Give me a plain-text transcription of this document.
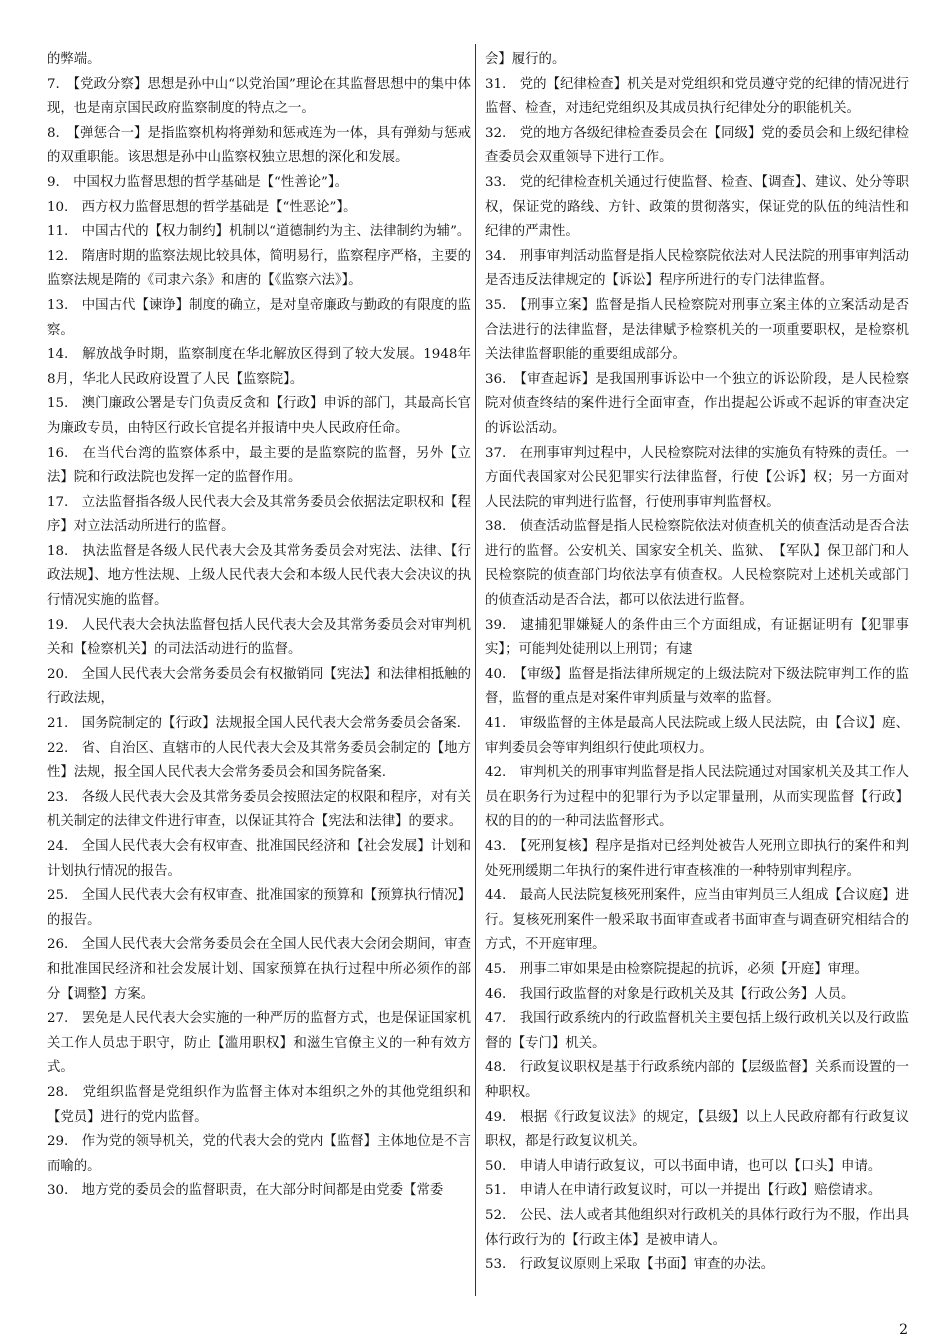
的弊端。

7.　【党政分察】思想是孙中山“以党治国”理论在其监督思想中的集中体现，也是南京国民政府监察制度的特点之一。

8.　【弹惩合一】是指监察机构将弹劾和惩戒连为一体，具有弹劾与惩戒的双重职能。该思想是孙中山监察权独立思想的深化和发展。

9.　中国权力监督思想的哲学基础是【“性善论”】。

10.　西方权力监督思想的哲学基础是【“性恶论”】。

11.　中国古代的【权力制约】机制以“道德制约为主、法律制约为辅”。

12.　隋唐时期的监察法规比较具体，简明易行，监察程序严格，主要的监察法规是隋的《司隶六条》和唐的【《监察六法》】。

13.　中国古代【谏诤】制度的确立，是对皇帝廉政与勤政的有限度的监察。

14.　解放战争时期，监察制度在华北解放区得到了较大发展。1948年8月，华北人民政府设置了人民【监察院】。

15.　澳门廉政公署是专门负责反贪和【行政】申诉的部门，其最高长官为廉政专员，由特区行政长官提名并报请中央人民政府任命。

16.　在当代台湾的监察体系中，最主要的是监察院的监督，另外【立法】院和行政法院也发挥一定的监督作用。

17.　立法监督指各级人民代表大会及其常务委员会依据法定职权和【程序】对立法活动所进行的监督。

18.　执法监督是各级人民代表大会及其常务委员会对宪法、法律、【行政法规】、地方性法规、上级人民代表大会和本级人民代表大会决议的执行情况实施的监督。

19.　人民代表大会执法监督包括人民代表大会及其常务委员会对审判机关和【检察机关】的司法活动进行的监督。

20.　全国人民代表大会常务委员会有权撤销同【宪法】和法律相抵触的行政法规，

21.　国务院制定的【行政】法规报全国人民代表大会常务委员会备案.

22.　省、自治区、直辖市的人民代表大会及其常务委员会制定的【地方性】法规，报全国人民代表大会常务委员会和国务院备案.

23.　各级人民代表大会及其常务委员会按照法定的权限和程序，对有关机关制定的法律文件进行审查，以保证其符合【宪法和法律】的要求。

24.　全国人民代表大会有权审查、批准国民经济和【社会发展】计划和计划执行情况的报告。

25.　全国人民代表大会有权审查、批准国家的预算和【预算执行情况】的报告。

26.　全国人民代表大会常务委员会在全国人民代表大会闭会期间，审查和批准国民经济和社会发展计划、国家预算在执行过程中所必须作的部分【调整】方案。

27.　罢免是人民代表大会实施的一种严厉的监督方式，也是保证国家机关工作人员忠于职守，防止【滥用职权】和滋生官僚主义的一种有效方式。

28.　党组织监督是党组织作为监督主体对本组织之外的其他党组织和【党员】进行的党内监督。

29.　作为党的领导机关，党的代表大会的党内【监督】主体地位是不言而喻的。

30.　地方党的委员会的监督职责，在大部分时间都是由党委【常委

会】履行的。

31.　党的【纪律检查】机关是对党组织和党员遵守党的纪律的情况进行监督、检查，对违纪党组织及其成员执行纪律处分的职能机关。

32.　党的地方各级纪律检查委员会在【同级】党的委员会和上级纪律检查委员会双重领导下进行工作。

33.　党的纪律检查机关通过行使监督、检查、【调查】、建议、处分等职权，保证党的路线、方针、政策的贯彻落实，保证党的队伍的纯洁性和纪律的严肃性。

34.　刑事审判活动监督是指人民检察院依法对人民法院的刑事审判活动是否违反法律规定的【诉讼】程序所进行的专门法律监督。

35.　【刑事立案】监督是指人民检察院对刑事立案主体的立案活动是否合法进行的法律监督，是法律赋予检察机关的一项重要职权，是检察机关法律监督职能的重要组成部分。

36.　【审查起诉】是我国刑事诉讼中一个独立的诉讼阶段，是人民检察院对侦查终结的案件进行全面审查，作出提起公诉或不起诉的审查决定的诉讼活动。

37.　在刑事审判过程中，人民检察院对法律的实施负有特殊的责任。一方面代表国家对公民犯罪实行法律监督，行使【公诉】权；另一方面对人民法院的审判进行监督，行使刑事审判监督权。

38.　侦查活动监督是指人民检察院依法对侦查机关的侦查活动是否合法进行的监督。公安机关、国家安全机关、监狱、　【军队】保卫部门和人民检察院的侦查部门均依法享有侦查权。人民检察院对上述机关或部门的侦查活动是否合法，都可以依法进行监督。

39.　逮捕犯罪嫌疑人的条件由三个方面组成，有证据证明有【犯罪事实】；可能判处徒刑以上刑罚；有逮

40.　【审级】监督是指法律所规定的上级法院对下级法院审判工作的监督，监督的重点是对案件审判质量与效率的监督。

41.　审级监督的主体是最高人民法院或上级人民法院，由【合议】庭、审判委员会等审判组织行使此项权力。

42.　审判机关的刑事审判监督是指人民法院通过对国家机关及其工作人员在职务行为过程中的犯罪行为予以定罪量刑，从而实现监督【行政】权的目的的一种司法监督形式。

43.　【死刑复核】程序是指对已经判处被告人死刑立即执行的案件和判处死刑缓期二年执行的案件进行审查核准的一种特别审判程序。

44.　最高人民法院复核死刑案件，应当由审判员三人组成【合议庭】进行。复核死刑案件一般采取书面审查或者书面审查与调查研究相结合的方式，不开庭审理。

45.　刑事二审如果是由检察院提起的抗诉，必须【开庭】审理。

46.　我国行政监督的对象是行政机关及其【行政公务】人员。

47.　我国行政系统内的行政监督机关主要包括上级行政机关以及行政监督的【专门】机关。

48.　行政复议职权是基于行政系统内部的【层级监督】关系而设置的一种职权。

49.　根据《行政复议法》的规定，【县级】以上人民政府都有行政复议职权，都是行政复议机关。

50.　申请人申请行政复议，可以书面申请，也可以【口头】申请。

51.　申请人在申请行政复议时，可以一并提出【行政】赔偿请求。

52.　公民、法人或者其他组织对行政机关的具体行政行为不服，作出具体行政行为的【行政主体】是被申请人。

53.　行政复议原则上采取【书面】审查的办法。

2
